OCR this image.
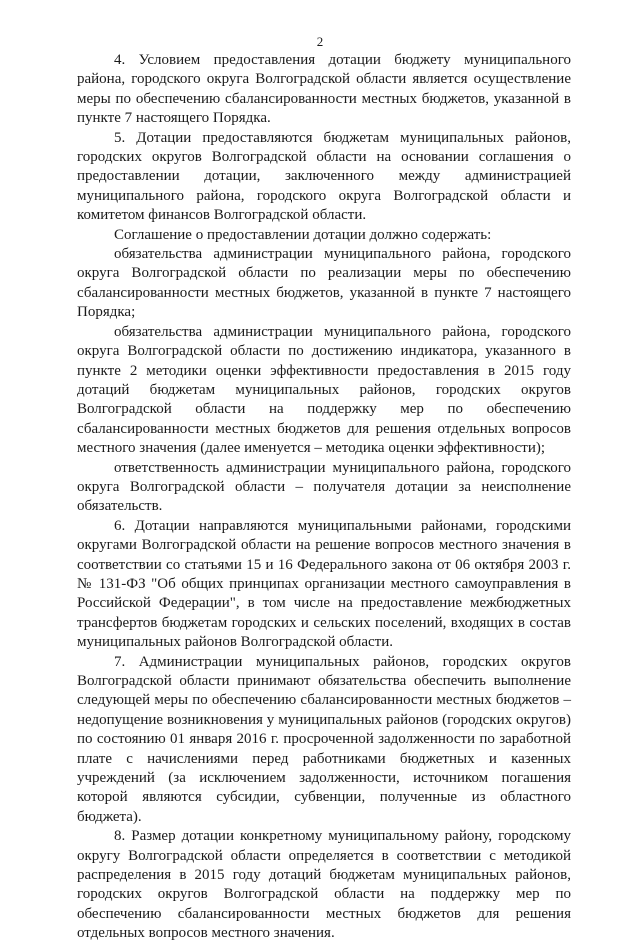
2

4. Условием предоставления дотации бюджету муниципального района, городского округа Волгоградской области является осуществление меры по обеспечению сбалансированности местных бюджетов, указанной в пункте 7 настоящего Порядка.

5. Дотации предоставляются бюджетам муниципальных районов, городских округов Волгоградской области на основании соглашения о предоставлении дотации, заключенного между администрацией муниципального района, городского округа Волгоградской области и комитетом финансов Волгоградской области.

Соглашение о предоставлении дотации должно содержать:

обязательства администрации муниципального района, городского округа Волгоградской области по реализации меры по обеспечению сбалансированности местных бюджетов, указанной в пункте 7 настоящего Порядка;

обязательства администрации муниципального района, городского округа Волгоградской области по достижению индикатора, указанного в пункте 2 методики оценки эффективности предоставления в 2015 году дотаций бюджетам муниципальных районов, городских округов Волгоградской области на поддержку мер по обеспечению сбалансированности местных бюджетов для решения отдельных вопросов местного значения (далее именуется – методика оценки эффективности);

ответственность администрации муниципального района, городского округа Волгоградской области – получателя дотации за неисполнение обязательств.

6. Дотации направляются муниципальными районами, городскими округами Волгоградской области на решение вопросов местного значения в соответствии со статьями 15 и 16 Федерального закона от 06 октября 2003 г. № 131-ФЗ "Об общих принципах организации местного самоуправления в Российской Федерации", в том числе на предоставление межбюджетных трансфертов бюджетам городских и сельских поселений, входящих в состав муниципальных районов Волгоградской области.

7. Администрации муниципальных районов, городских округов Волгоградской области принимают обязательства обеспечить выполнение следующей меры по обеспечению сбалансированности местных бюджетов – недопущение возникновения у муниципальных районов (городских округов) по состоянию 01 января 2016 г. просроченной задолженности по заработной плате с начислениями перед работниками бюджетных и казенных учреждений (за исключением задолженности, источником погашения которой являются субсидии, субвенции, полученные из областного бюджета).

8. Размер дотации конкретному муниципальному району, городскому округу Волгоградской области определяется в соответствии с методикой распределения в 2015 году дотаций бюджетам муниципальных районов, городских округов Волгоградской области на поддержку мер по обеспечению сбалансированности местных бюджетов для решения отдельных вопросов местного значения.
